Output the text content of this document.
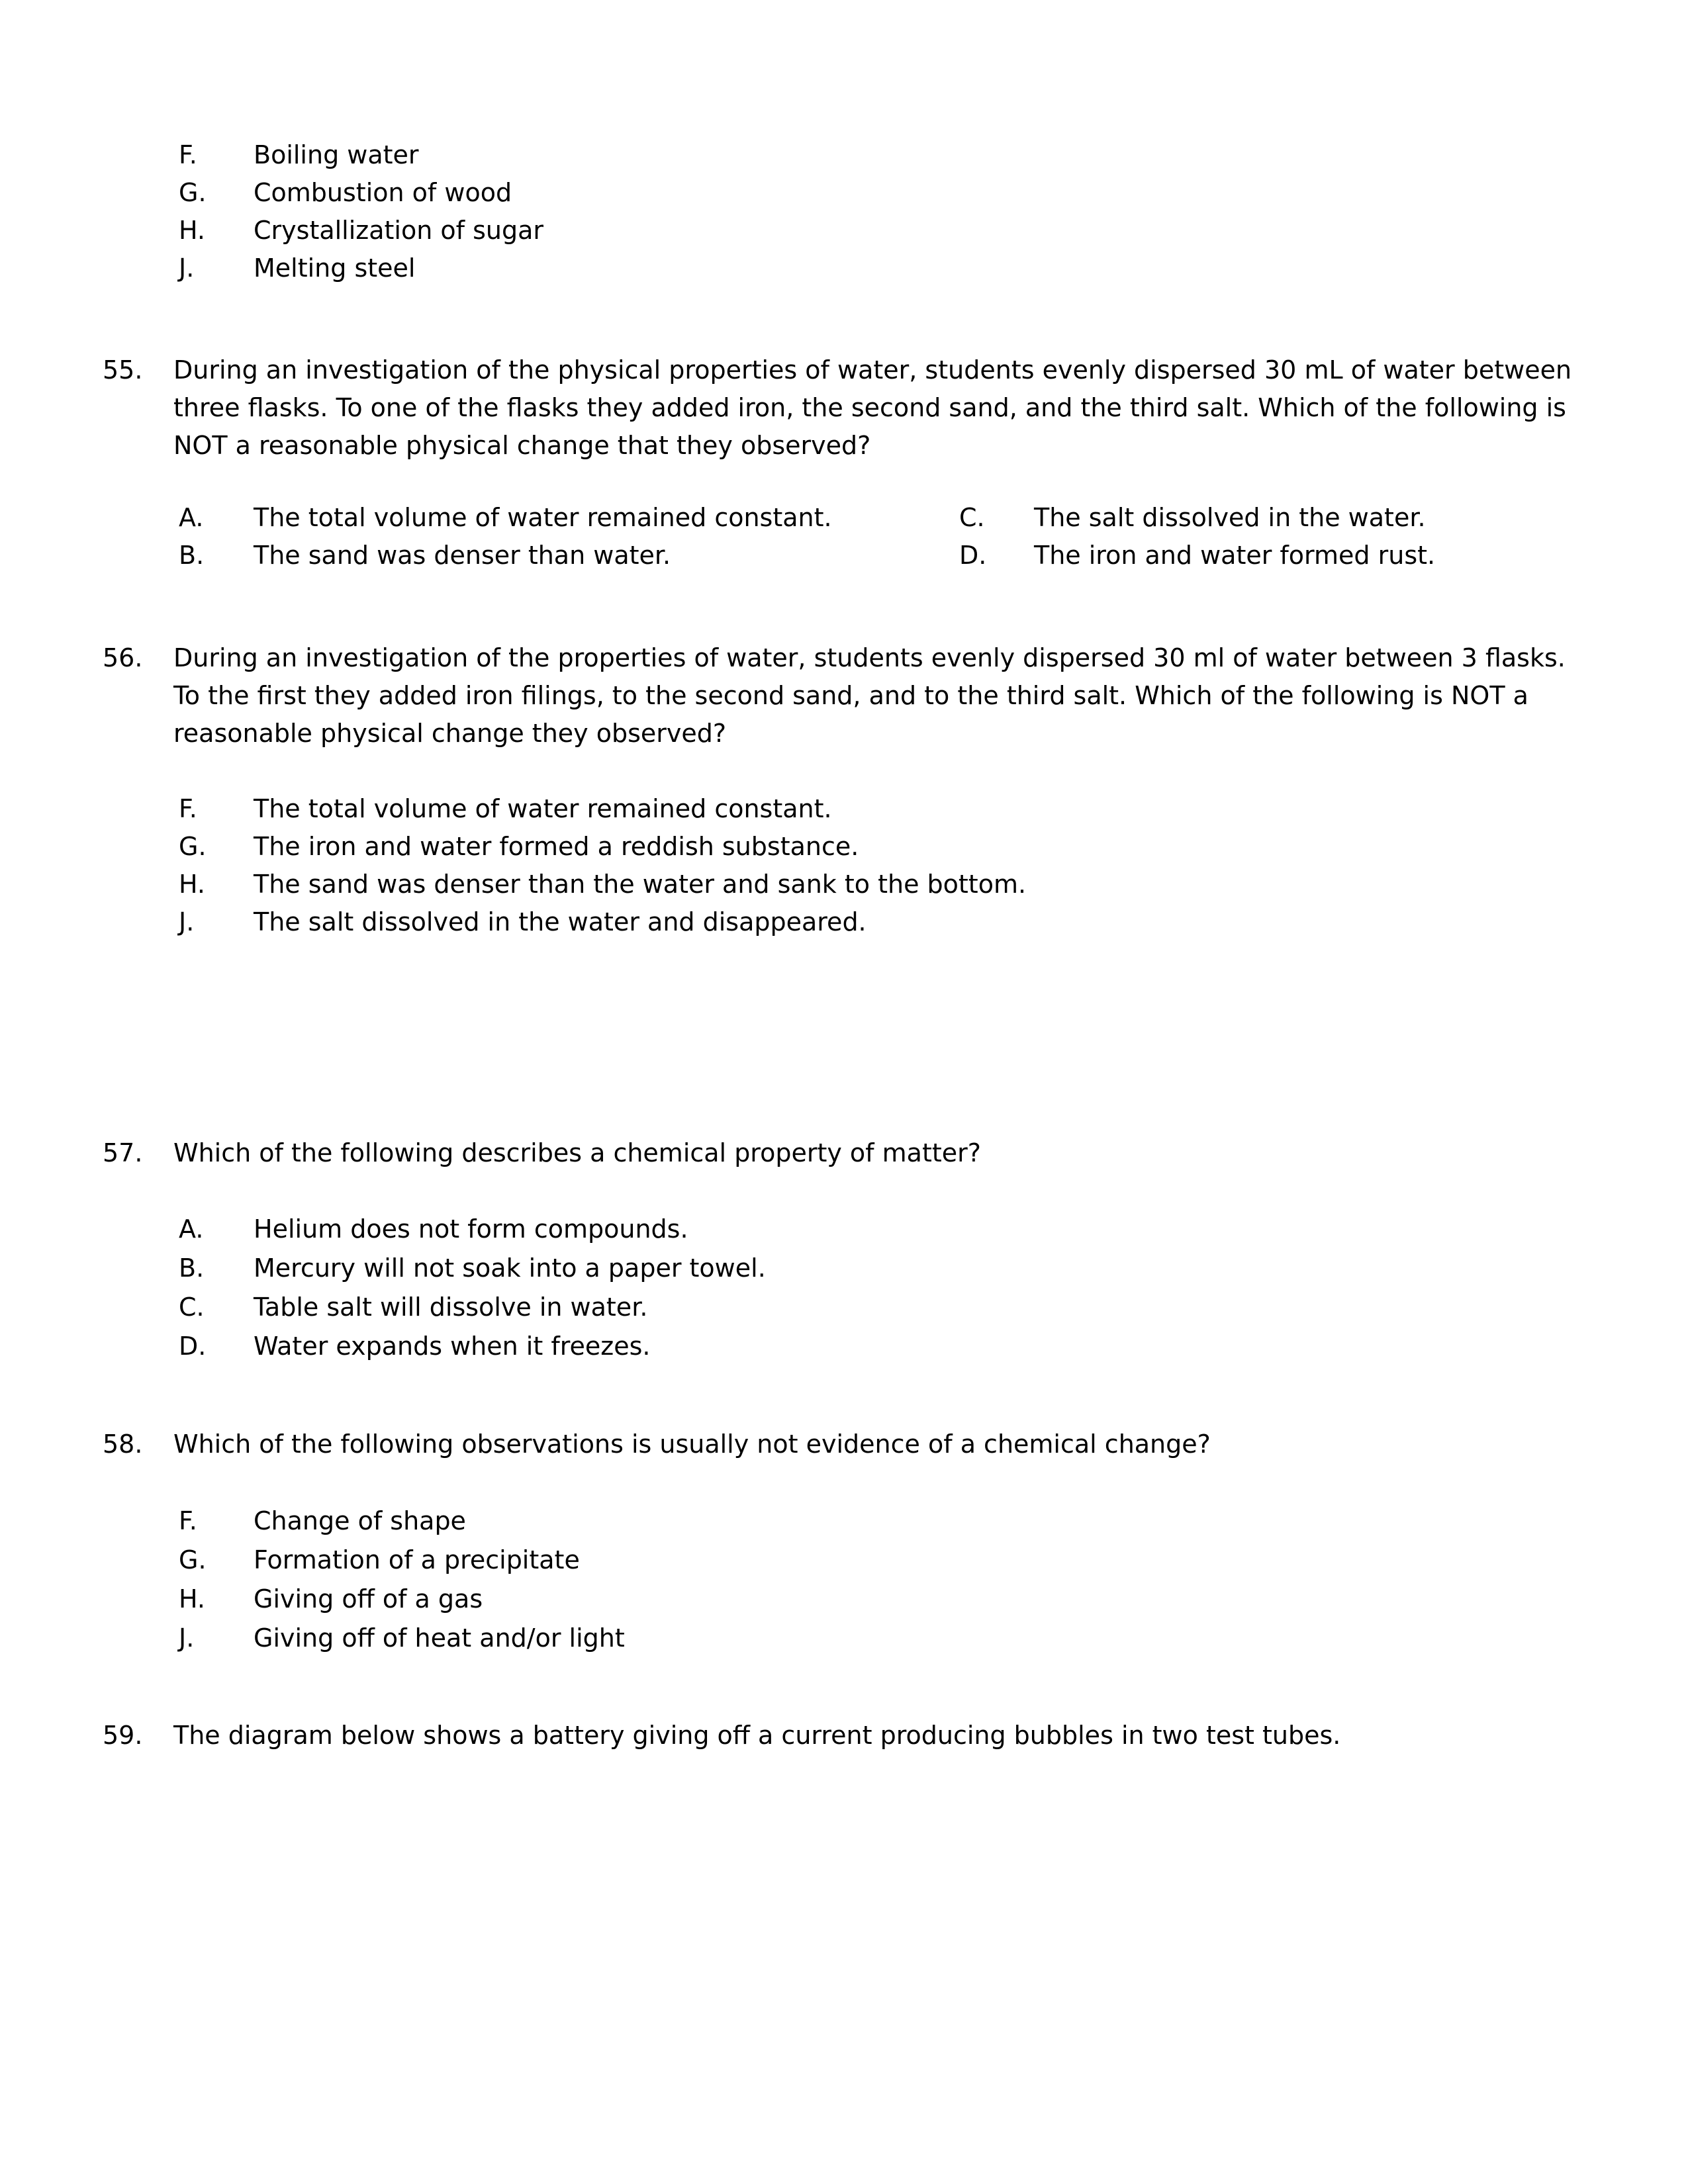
F.	Boiling water
G.	Combustion of wood
H.	Crystallization of sugar
J.	Melting steel
55.	During an investigation of the physical properties of water, students evenly dispersed 30 mL of water between three flasks. To one of the flasks they added iron, the second sand, and the third salt. Which of the following is NOT a reasonable physical change that they observed?
A.	The total volume of water remained constant.	C.	The salt dissolved in the water.
B.	The sand was denser than water.	D.	The iron and water formed rust.
56.	During an investigation of the properties of water, students evenly dispersed 30 ml of water between 3 flasks. To the first they added iron filings, to the second sand, and to the third salt. Which of the following is NOT a reasonable physical change they observed?
F.	The total volume of water remained constant.
G.	The iron and water formed a reddish substance.
H.	The sand was denser than the water and sank to the bottom.
J.	The salt dissolved in the water and disappeared.
57.	Which of the following describes a chemical property of matter?
A.	Helium does not form compounds.
B.	Mercury will not soak into a paper towel.
C.	Table salt will dissolve in water.
D.	Water expands when it freezes.
58.	Which of the following observations is usually not evidence of a chemical change?
F.	Change of shape
G.	Formation of a precipitate
H.	Giving off of a gas
J.	Giving off of heat and/or light
59.	The diagram below shows a battery giving off a current producing bubbles in two test tubes.
